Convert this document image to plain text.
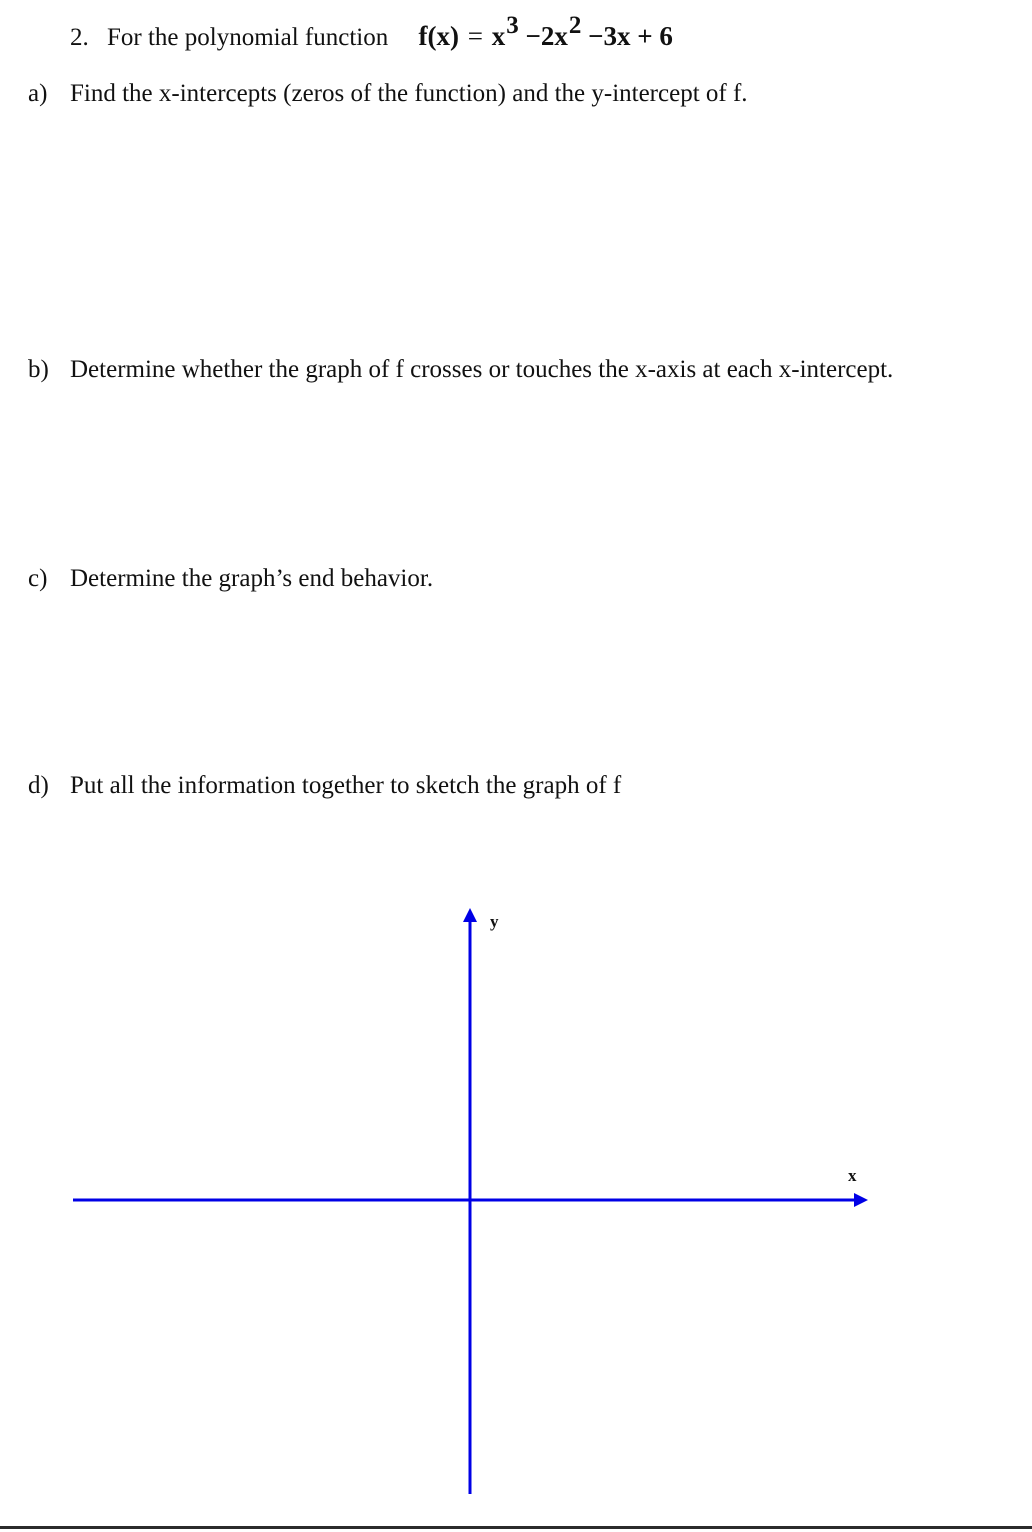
2. For the polynomial function $f(x) = x^3 -2x^2 -3x + 6$
a) Find the x-intercepts (zeros of the function) and the y-intercept of f.
b) Determine whether the graph of f crosses or touches the x-axis at each x-intercept.
c) Determine the graph’s end behavior.
d) Put all the information together to sketch the graph of f
y
x
